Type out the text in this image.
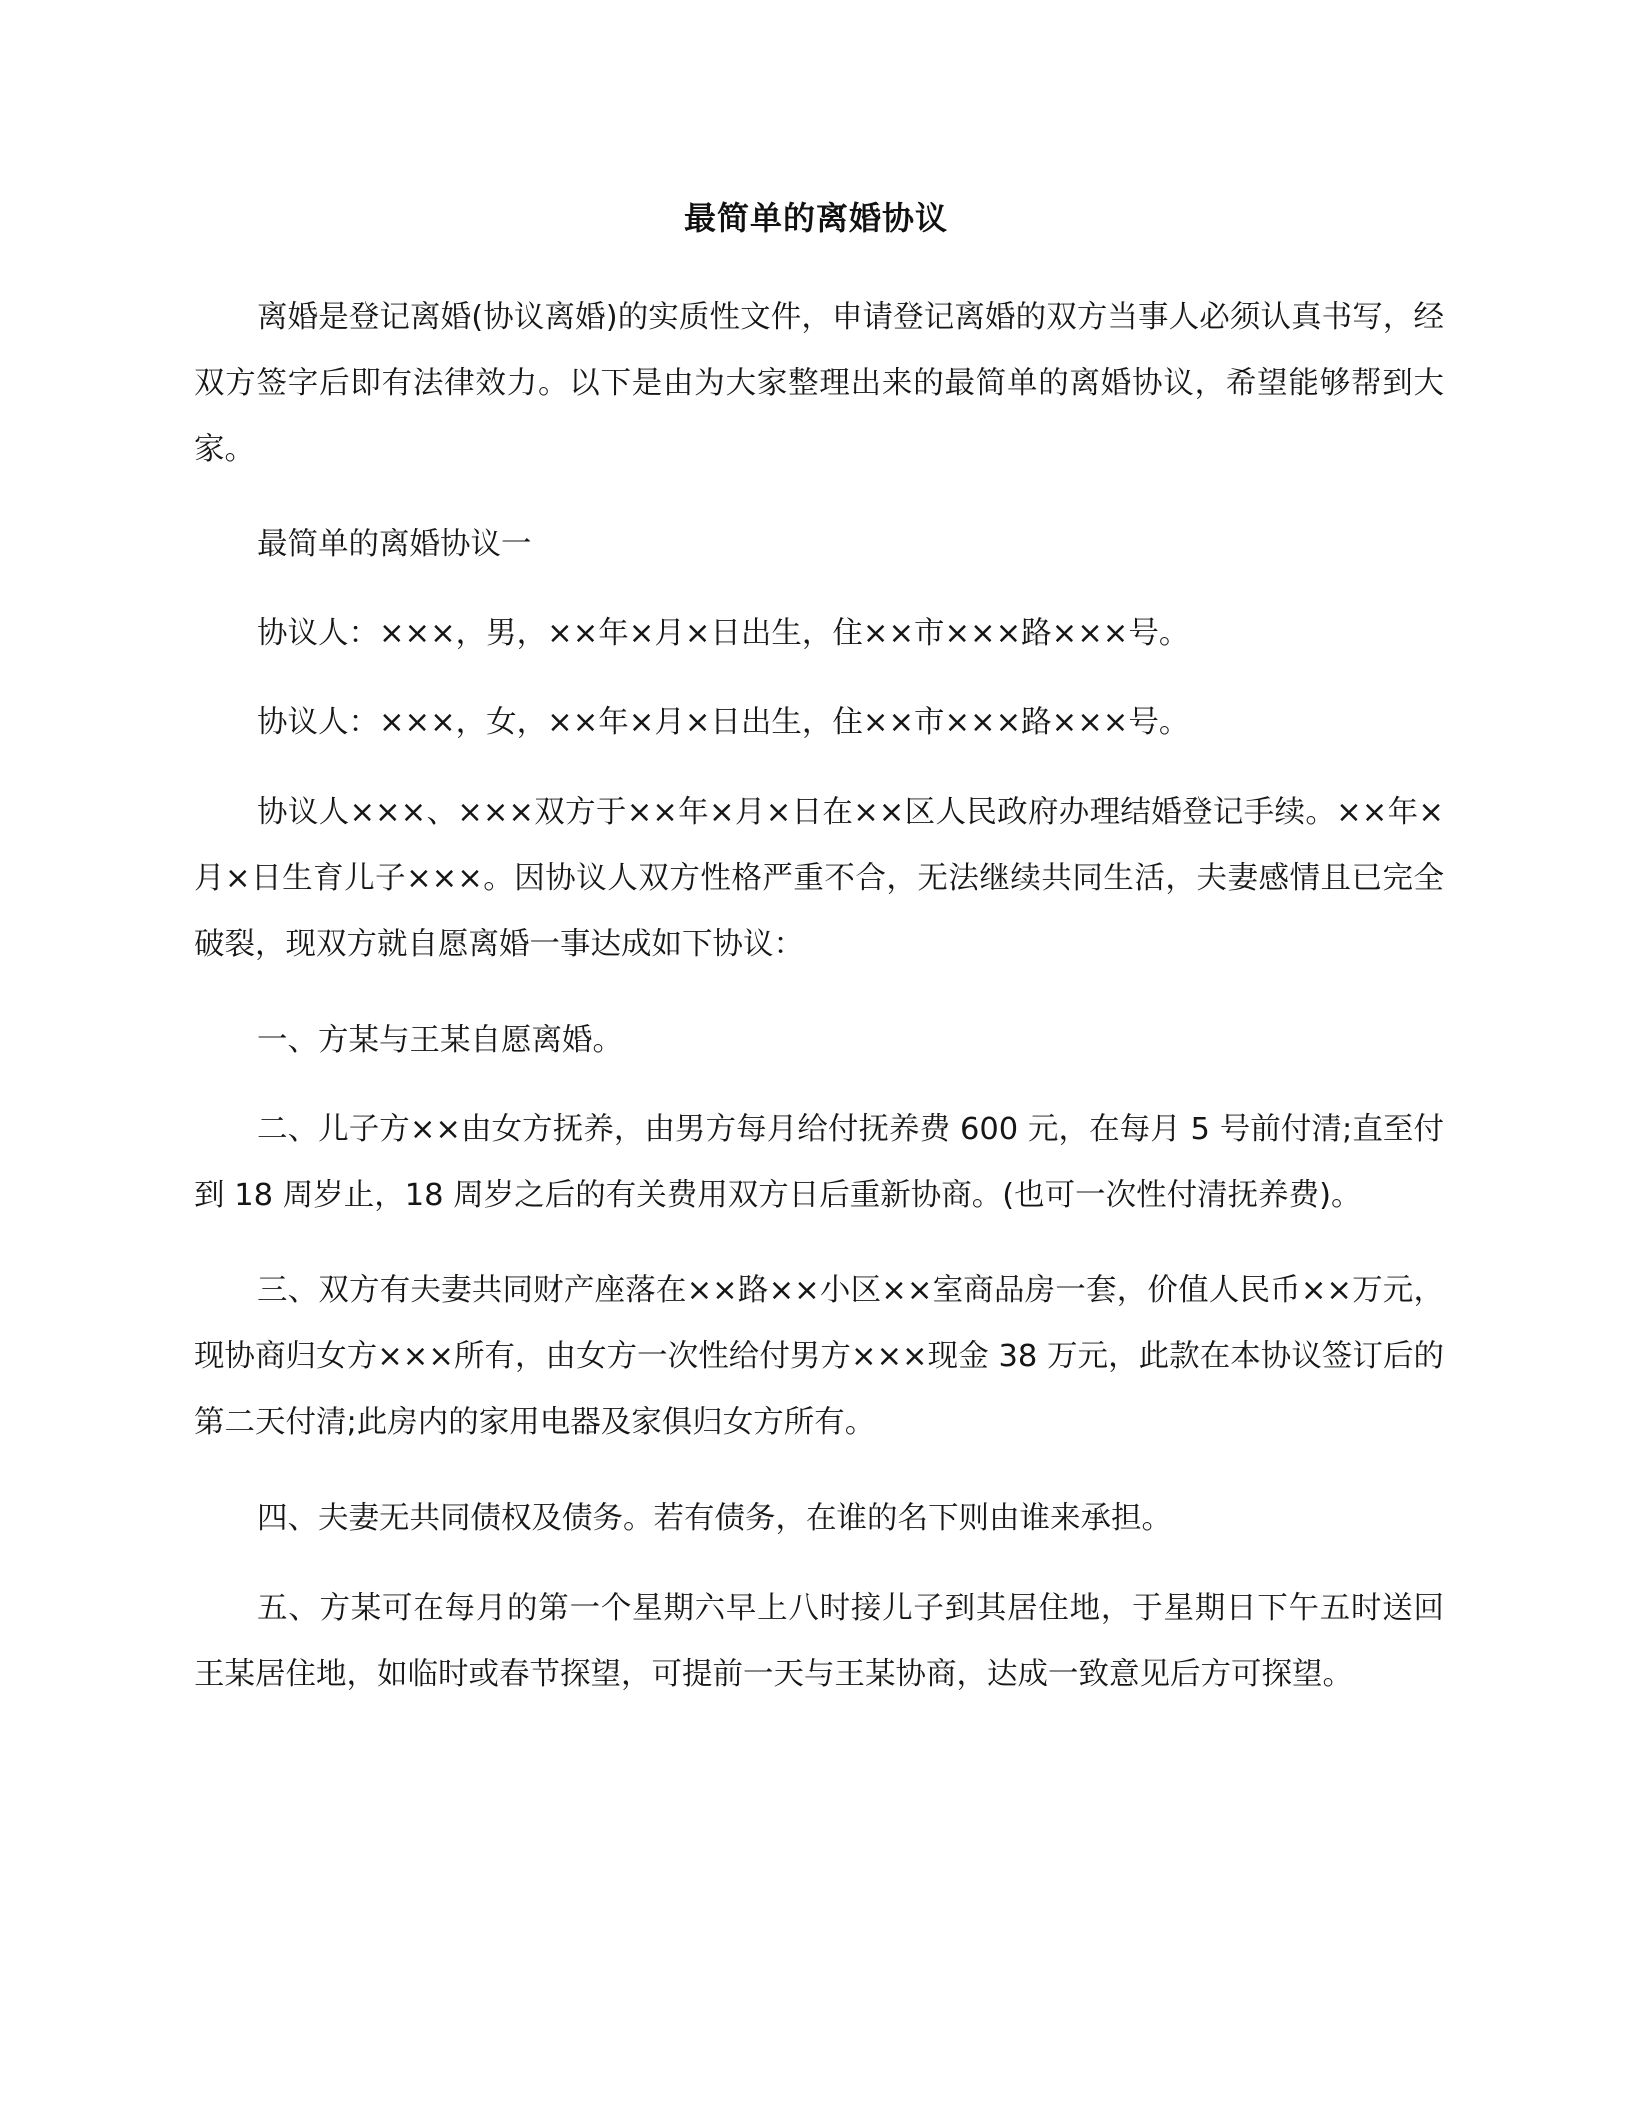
最简单的离婚协议

离婚是登记离婚(协议离婚)的实质性文件，申请登记离婚的双方当事人必须认真书写，经双方签字后即有法律效力。以下是由为大家整理出来的最简单的离婚协议，希望能够帮到大家。

最简单的离婚协议一

协议人：×××，男，××年×月×日出生，住××市×××路×××号。

协议人：×××，女，××年×月×日出生，住××市×××路×××号。

协议人×××、×××双方于××年×月×日在××区人民政府办理结婚登记手续。××年×月×日生育儿子×××。因协议人双方性格严重不合，无法继续共同生活，夫妻感情且已完全破裂，现双方就自愿离婚一事达成如下协议：

一、方某与王某自愿离婚。

二、儿子方××由女方抚养，由男方每月给付抚养费 600 元，在每月 5 号前付清;直至付到 18 周岁止，18 周岁之后的有关费用双方日后重新协商。(也可一次性付清抚养费)。

三、双方有夫妻共同财产座落在××路××小区××室商品房一套，价值人民币××万元，现协商归女方×××所有，由女方一次性给付男方×××现金 38 万元，此款在本协议签订后的第二天付清;此房内的家用电器及家俱归女方所有。

四、夫妻无共同债权及债务。若有债务，在谁的名下则由谁来承担。

五、方某可在每月的第一个星期六早上八时接儿子到其居住地，于星期日下午五时送回王某居住地，如临时或春节探望，可提前一天与王某协商，达成一致意见后方可探望。
